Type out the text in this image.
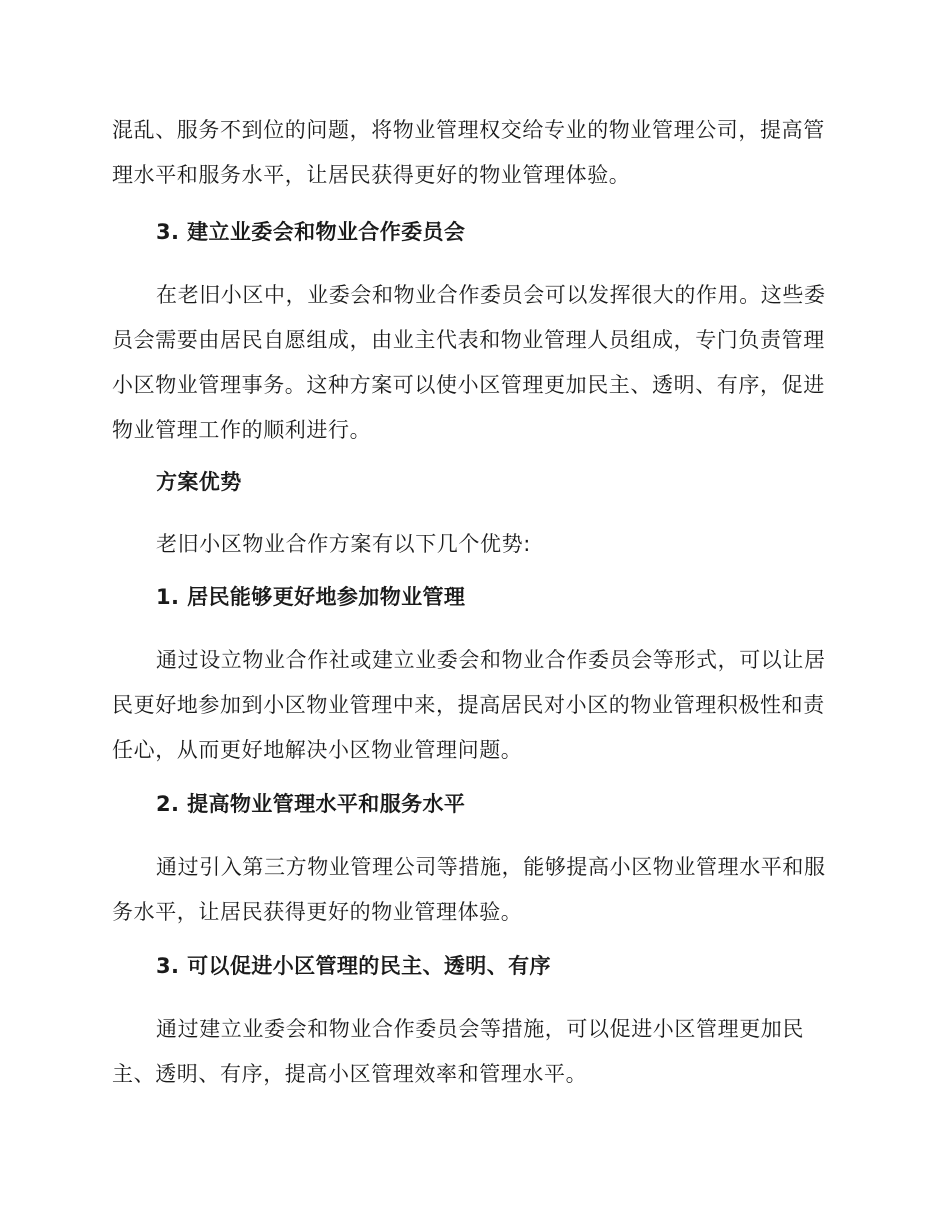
混乱、服务不到位的问题，将物业管理权交给专业的物业管理公司，提高管理水平和服务水平，让居民获得更好的物业管理体验。

3. 建立业委会和物业合作委员会

在老旧小区中，业委会和物业合作委员会可以发挥很大的作用。这些委员会需要由居民自愿组成，由业主代表和物业管理人员组成，专门负责管理小区物业管理事务。这种方案可以使小区管理更加民主、透明、有序，促进物业管理工作的顺利进行。

方案优势

老旧小区物业合作方案有以下几个优势:

1. 居民能够更好地参加物业管理

通过设立物业合作社或建立业委会和物业合作委员会等形式，可以让居民更好地参加到小区物业管理中来，提高居民对小区的物业管理积极性和责任心，从而更好地解决小区物业管理问题。

2. 提高物业管理水平和服务水平

通过引入第三方物业管理公司等措施，能够提高小区物业管理水平和服务水平，让居民获得更好的物业管理体验。

3. 可以促进小区管理的民主、透明、有序

通过建立业委会和物业合作委员会等措施，可以促进小区管理更加民主、透明、有序，提高小区管理效率和管理水平。
